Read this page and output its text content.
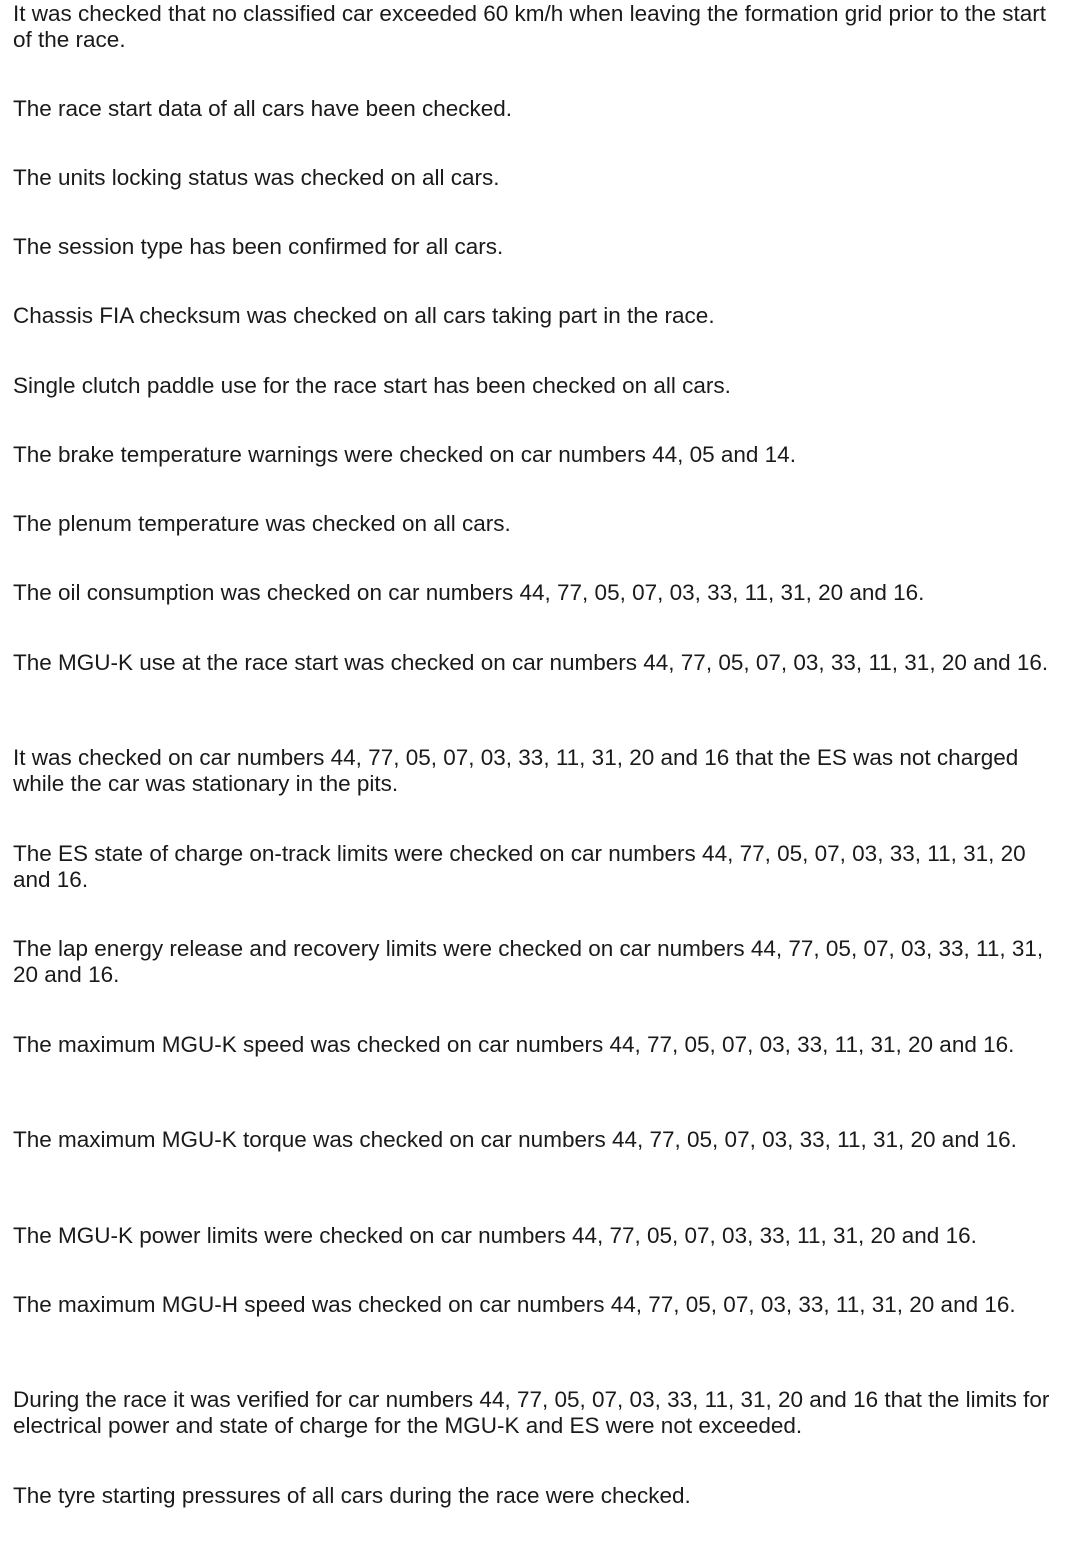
It was checked that no classified car exceeded 60 km/h when leaving the formation grid prior to the start of the race.

The race start data of all cars have been checked.

The units locking status was checked on all cars.

The session type has been confirmed for all cars.

Chassis FIA checksum was checked on all cars taking part in the race.

Single clutch paddle use for the race start has been checked on all cars.

The brake temperature warnings were checked on car numbers 44, 05 and 14.

The plenum temperature was checked on all cars.

The oil consumption was checked on car numbers 44, 77, 05, 07, 03, 33, 11, 31, 20 and 16.

The MGU-K use at the race start was checked on car numbers 44, 77, 05, 07, 03, 33, 11, 31, 20 and 16.

It was checked on car numbers 44, 77, 05, 07, 03, 33, 11, 31, 20 and 16 that the ES was not charged while the car was stationary in the pits.

The ES state of charge on-track limits were checked on car numbers 44, 77, 05, 07, 03, 33, 11, 31, 20 and 16.

The lap energy release and recovery limits were checked on car numbers 44, 77, 05, 07, 03, 33, 11, 31, 20 and 16.

The maximum MGU-K speed was checked on car numbers 44, 77, 05, 07, 03, 33, 11, 31, 20 and 16.

The maximum MGU-K torque was checked on car numbers 44, 77, 05, 07, 03, 33, 11, 31, 20 and 16.

The MGU-K power limits were checked on car numbers 44, 77, 05, 07, 03, 33, 11, 31, 20 and 16.

The maximum MGU-H speed was checked on car numbers 44, 77, 05, 07, 03, 33, 11, 31, 20 and 16.

During the race it was verified for car numbers 44, 77, 05, 07, 03, 33, 11, 31, 20 and 16 that the limits for electrical power and state of charge for the MGU-K and ES were not exceeded.

The tyre starting pressures of all cars during the race were checked.
